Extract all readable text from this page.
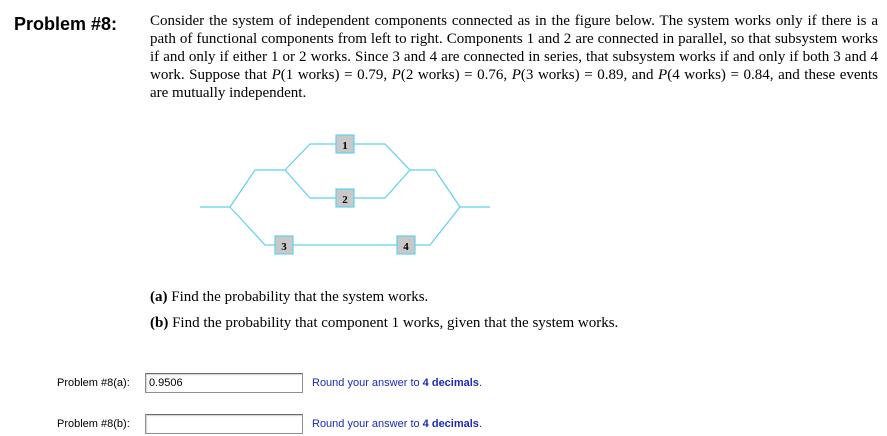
Problem #8: Consider the system of independent components connected as in the figure below. The system works only if there is a path of functional components from left to right. Components 1 and 2 are connected in parallel, so that subsystem works if and only if either 1 or 2 works. Since 3 and 4 are connected in series, that subsystem works if and only if both 3 and 4 work. Suppose that P(1 works) = 0.79, P(2 works) = 0.76, P(3 works) = 0.89, and P(4 works) = 0.84, and these events are mutually independent.
1
2
3	4
(a) Find the probability that the system works.
(b) Find the probability that component 1 works, given that the system works.
Problem #8(a):
0.9506	Round your answer to 4 decimals.
Problem #8(b):	Round your answer to 4 decimals.
